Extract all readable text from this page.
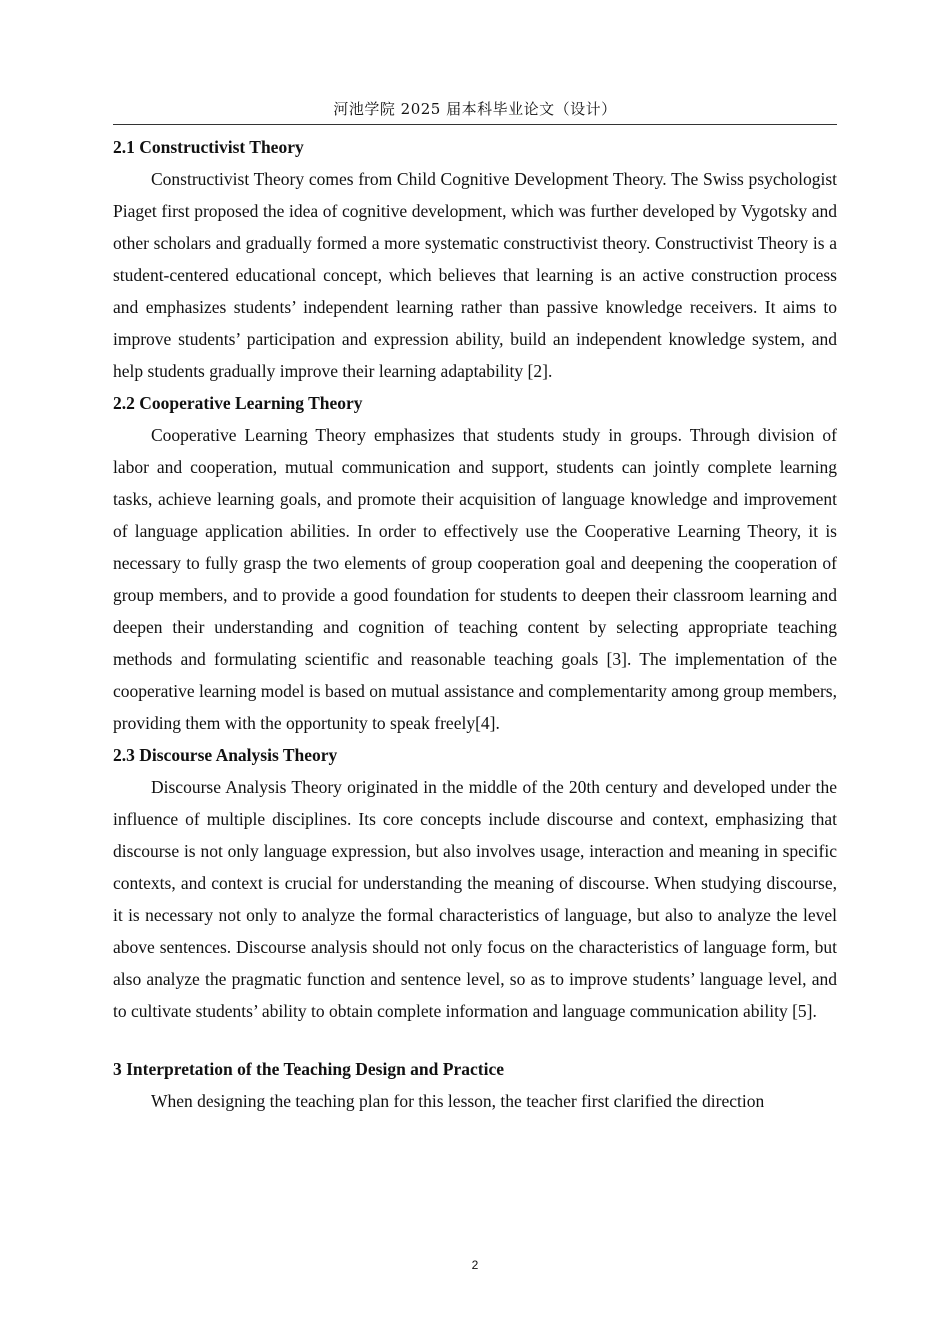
河池学院 2025 届本科毕业论文（设计）
2.1 Constructivist Theory

Constructivist Theory comes from Child Cognitive Development Theory. The Swiss psychologist Piaget first proposed the idea of cognitive development, which was further developed by Vygotsky and other scholars and gradually formed a more systematic constructivist theory. Constructivist Theory is a student-centered educational concept, which believes that learning is an active construction process and emphasizes students’ independent learning rather than passive knowledge receivers. It aims to improve students’ participation and expression ability, build an independent knowledge system, and help students gradually improve their learning adaptability [2].

2.2 Cooperative Learning Theory

Cooperative Learning Theory emphasizes that students study in groups. Through division of labor and cooperation, mutual communication and support, students can jointly complete learning tasks, achieve learning goals, and promote their acquisition of language knowledge and improvement of language application abilities. In order to effectively use the Cooperative Learning Theory, it is necessary to fully grasp the two elements of group cooperation goal and deepening the cooperation of group members, and to provide a good foundation for students to deepen their classroom learning and deepen their understanding and cognition of teaching content by selecting appropriate teaching methods and formulating scientific and reasonable teaching goals [3]. The implementation of the cooperative learning model is based on mutual assistance and complementarity among group members, providing them with the opportunity to speak freely[4].

2.3 Discourse Analysis Theory

Discourse Analysis Theory originated in the middle of the 20th century and developed under the influence of multiple disciplines. Its core concepts include discourse and context, emphasizing that discourse is not only language expression, but also involves usage, interaction and meaning in specific contexts, and context is crucial for understanding the meaning of discourse. When studying discourse, it is necessary not only to analyze the formal characteristics of language, but also to analyze the level above sentences. Discourse analysis should not only focus on the characteristics of language form, but also analyze the pragmatic function and sentence level, so as to improve students’ language level, and to cultivate students’ ability to obtain complete information and language communication ability [5].

3 Interpretation of the Teaching Design and Practice

When designing the teaching plan for this lesson, the teacher first clarified the direction

2
